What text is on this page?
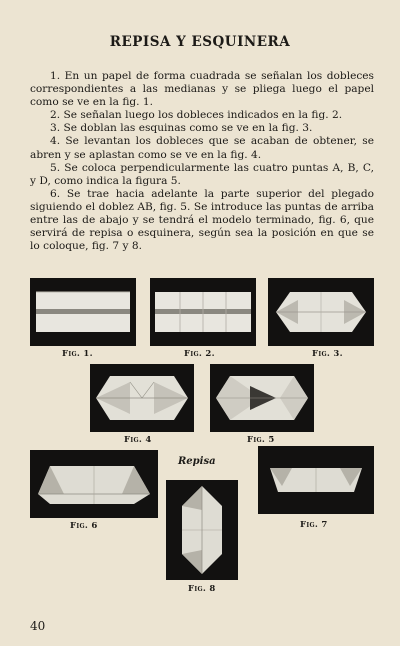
REPISA Y ESQUINERA

1. En un papel de forma cuadrada se señalan los dobleces correspondientes a las medianas y se pliega luego el papel como se ve en la fig. 1.

2. Se señalan luego los dobleces indicados en la fig. 2.

3. Se doblan las esquinas como se ve en la fig. 3.

4. Se levantan los dobleces que se acaban de obtener, se abren y se aplastan como se ve en la fig. 4.

5. Se coloca perpendicularmente las cuatro puntas A, B, C, y D, como indica la figura 5.

6. Se trae hacia adelante la parte superior del plegado siguiendo el doblez AB, fig. 5. Se introduce las puntas de arriba entre las de abajo y se tendrá el modelo terminado, fig. 6, que servirá de repisa o esquinera, según sea la posición en que se lo coloque, fig. 7 y 8.

Fig. 1.	Fig. 2.	Fig. 3.
Fig. 4	Fig. 5
Repisa
Fig. 6	Fig. 7
Fig. 8
40
